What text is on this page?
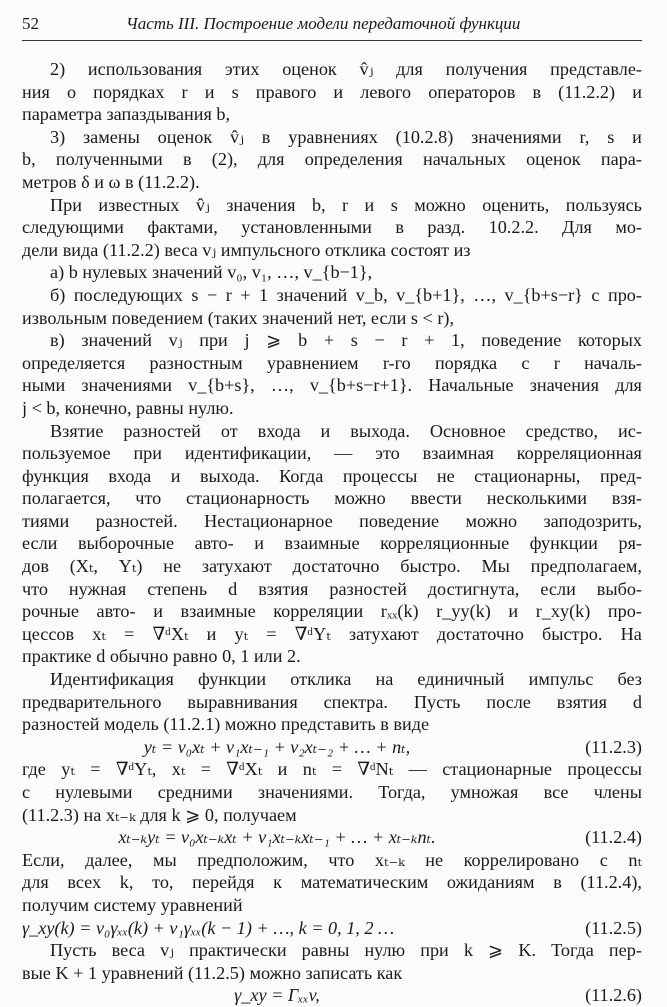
52	Часть III. Построение модели передаточной функции

2) использования этих оценок v̂ⱼ для получения представле-

ния о порядках r и s правого и левого операторов в (11.2.2) и

параметра запаздывания b,

3) замены оценок v̂ⱼ в уравнениях (10.2.8) значениями r, s и

b, полученными в (2), для определения начальных оценок пара-

метров δ и ω в (11.2.2).

При известных v̂ⱼ значения b, r и s можно оценить, пользуясь

следующими фактами, установленными в разд. 10.2.2. Для мо-

дели вида (11.2.2) веса vⱼ импульсного отклика состоят из

а) b нулевых значений v₀, v₁, …, v_{b−1},

б) последующих s − r + 1 значений v_b, v_{b+1}, …, v_{b+s−r} с про-

извольным поведением (таких значений нет, если s < r),

в) значений vⱼ при j ⩾ b + s − r + 1, поведение которых

определяется разностным уравнением r-го порядка с r началь-

ными значениями v_{b+s}, …, v_{b+s−r+1}. Начальные значения для

j < b, конечно, равны нулю.

Взятие разностей от входа и выхода. Основное средство, ис-

пользуемое при идентификации, — это взаимная корреляционная

функция входа и выхода. Когда процессы не стационарны, пред-

полагается, что стационарность можно ввести несколькими взя-

тиями разностей. Нестационарное поведение можно заподозрить,

если выборочные авто- и взаимные корреляционные функции ря-

дов (Xₜ, Yₜ) не затухают достаточно быстро. Мы предполагаем,

что нужная степень d взятия разностей достигнута, если выбо-

рочные авто- и взаимные корреляции rₓₓ(k) r_yy(k) и r_xy(k) про-

цессов xₜ = ∇ᵈXₜ и yₜ = ∇ᵈYₜ затухают достаточно быстро. На

практике d обычно равно 0, 1 или 2.

Идентификация функции отклика на единичный импульс без

предварительного выравнивания спектра. Пусть после взятия d

разностей модель (11.2.1) можно представить в виде

yₜ = v₀xₜ + v₁xₜ₋₁ + v₂xₜ₋₂ + … + nₜ,	(11.2.3)

где yₜ = ∇ᵈYₜ, xₜ = ∇ᵈXₜ и nₜ = ∇ᵈNₜ — стационарные процессы

с нулевыми средними значениями. Тогда, умножая все члены

(11.2.3) на xₜ₋ₖ для k ⩾ 0, получаем

xₜ₋ₖyₜ = v₀xₜ₋ₖxₜ + v₁xₜ₋ₖxₜ₋₁ + … + xₜ₋ₖnₜ.	(11.2.4)

Если, далее, мы предположим, что xₜ₋ₖ не коррелировано с nₜ

для всех k, то, перейдя к математическим ожиданиям в (11.2.4),

получим систему уравнений

γ_xy(k) = v₀γₓₓ(k) + v₁γₓₓ(k − 1) + …, k = 0, 1, 2 …	(11.2.5)

Пусть веса vⱼ практически равны нулю при k ⩾ K. Тогда пер-

вые K + 1 уравнений (11.2.5) можно записать как

γ_xy = Γₓₓv,	(11.2.6)
